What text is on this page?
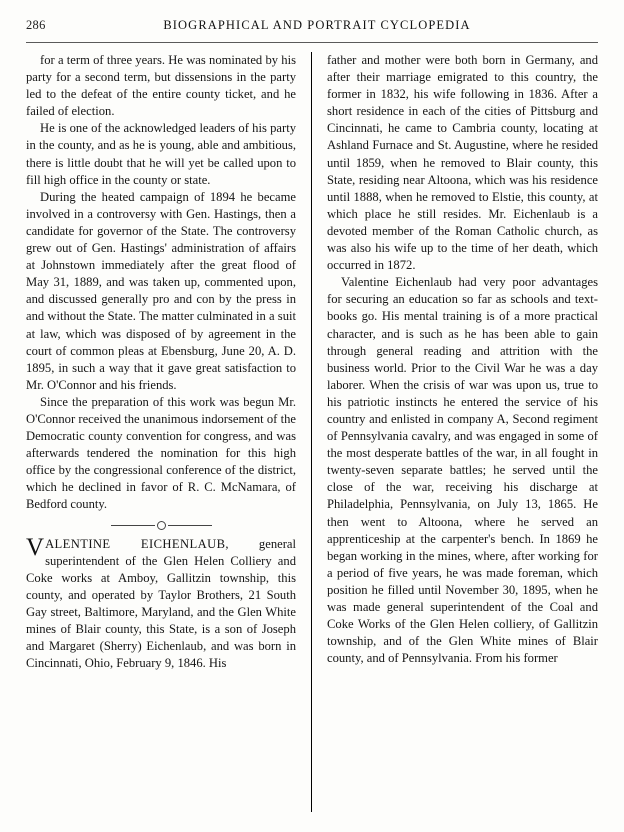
286	BIOGRAPHICAL AND PORTRAIT CYCLOPEDIA

for a term of three years. He was nominated by his party for a second term, but dissensions in the party led to the defeat of the entire county ticket, and he failed of election.

He is one of the acknowledged leaders of his party in the county, and as he is young, able and ambitious, there is little doubt that he will yet be called upon to fill high office in the county or state.

During the heated campaign of 1894 he became involved in a controversy with Gen. Hastings, then a candidate for governor of the State. The controversy grew out of Gen. Hastings' administration of affairs at Johnstown immediately after the great flood of May 31, 1889, and was taken up, commented upon, and discussed generally pro and con by the press in and without the State. The matter culminated in a suit at law, which was disposed of by agreement in the court of common pleas at Ebensburg, June 20, A. D. 1895, in such a way that it gave great satisfaction to Mr. O'Connor and his friends.

Since the preparation of this work was begun Mr. O'Connor received the unanimous indorsement of the Democratic county convention for congress, and was afterwards tendered the nomination for this high office by the congressional conference of the district, which he declined in favor of R. C. McNamara, of Bedford county.

VALENTINE EICHENLAUB, general superintendent of the Glen Helen Colliery and Coke works at Amboy, Gallitzin township, this county, and operated by Taylor Brothers, 21 South Gay street, Baltimore, Maryland, and the Glen White mines of Blair county, this State, is a son of Joseph and Margaret (Sherry) Eichenlaub, and was born in Cincinnati, Ohio, February 9, 1846. His

father and mother were both born in Germany, and after their marriage emigrated to this country, the former in 1832, his wife following in 1836. After a short residence in each of the cities of Pittsburg and Cincinnati, he came to Cambria county, locating at Ashland Furnace and St. Augustine, where he resided until 1859, when he removed to Blair county, this State, residing near Altoona, which was his residence until 1888, when he removed to Elstie, this county, at which place he still resides. Mr. Eichenlaub is a devoted member of the Roman Catholic church, as was also his wife up to the time of her death, which occurred in 1872.

Valentine Eichenlaub had very poor advantages for securing an education so far as schools and text-books go. His mental training is of a more practical character, and is such as he has been able to gain through general reading and attrition with the business world. Prior to the Civil War he was a day laborer. When the crisis of war was upon us, true to his patriotic instincts he entered the service of his country and enlisted in company A, Second regiment of Pennsylvania cavalry, and was engaged in some of the most desperate battles of the war, in all fought in twenty-seven separate battles; he served until the close of the war, receiving his discharge at Philadelphia, Pennsylvania, on July 13, 1865. He then went to Altoona, where he served an apprenticeship at the carpenter's bench. In 1869 he began working in the mines, where, after working for a period of five years, he was made foreman, which position he filled until November 30, 1895, when he was made general superintendent of the Coal and Coke Works of the Glen Helen colliery, of Gallitzin township, and of the Glen White mines of Blair county, and of Pennsylvania. From his former
